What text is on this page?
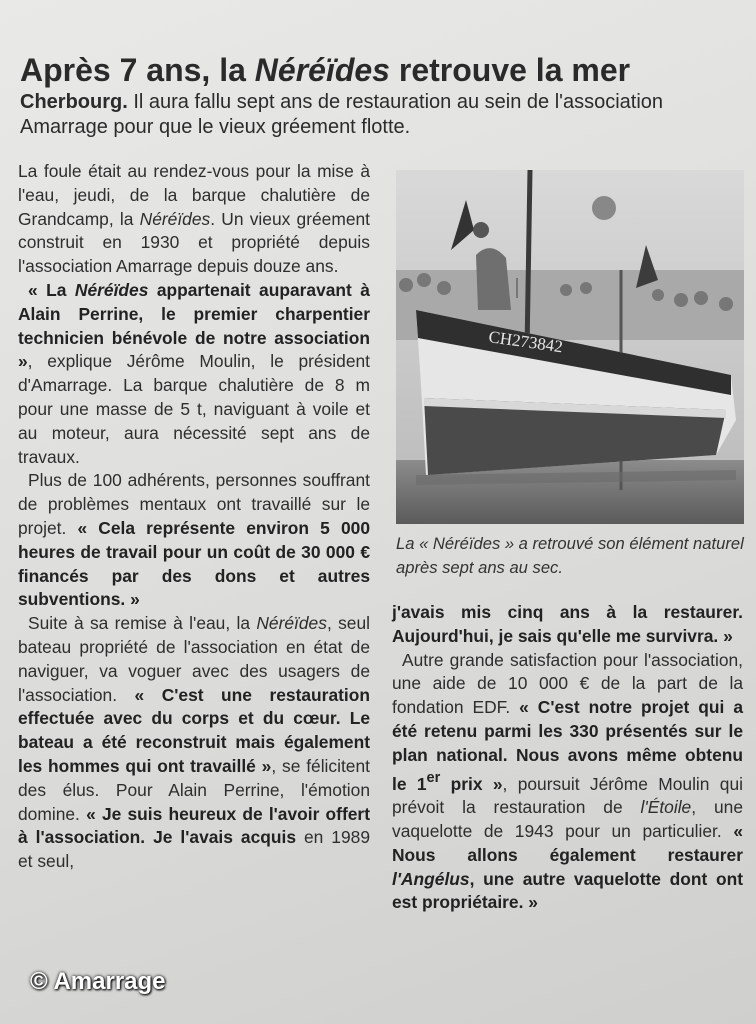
Après 7 ans, la Néréïdes retrouve la mer
Cherbourg. Il aura fallu sept ans de restauration au sein de l'association Amarrage pour que le vieux gréement flotte.

La foule était au rendez-vous pour la mise à l'eau, jeudi, de la barque chalutière de Grandcamp, la Néréïdes. Un vieux gréement construit en 1930 et propriété depuis l'association Amarrage depuis douze ans.

« La Néréïdes appartenait auparavant à Alain Perrine, le premier charpentier technicien bénévole de notre association », explique Jérôme Moulin, le président d'Amarrage. La barque chalutière de 8 m pour une masse de 5 t, naviguant à voile et au moteur, aura nécessité sept ans de travaux.

Plus de 100 adhérents, personnes souffrant de problèmes mentaux ont travaillé sur le projet. « Cela représente environ 5 000 heures de travail pour un coût de 30 000 € financés par des dons et autres subventions. »

Suite à sa remise à l'eau, la Néréïdes, seul bateau propriété de l'association en état de naviguer, va voguer avec des usagers de l'association. « C'est une restauration effectuée avec du corps et du cœur. Le bateau a été reconstruit mais également les hommes qui ont travaillé », se félicitent des élus. Pour Alain Perrine, l'émotion domine. « Je suis heureux de l'avoir offert à l'association. Je l'avais acquis en 1989 et seul,

CH273842
La « Néréïdes » a retrouvé son élément naturel après sept ans au sec.

j'avais mis cinq ans à la restaurer. Aujourd'hui, je sais qu'elle me survivra. »

Autre grande satisfaction pour l'association, une aide de 10 000 € de la part de la fondation EDF. « C'est notre projet qui a été retenu parmi les 330 présentés sur le plan national. Nous avons même obtenu le 1er prix », poursuit Jérôme Moulin qui prévoit la restauration de l'Étoile, une vaquelotte de 1943 pour un particulier. « Nous allons également restaurer l'Angélus, une autre vaquelotte dont ont est propriétaire. »

© Amarrage
